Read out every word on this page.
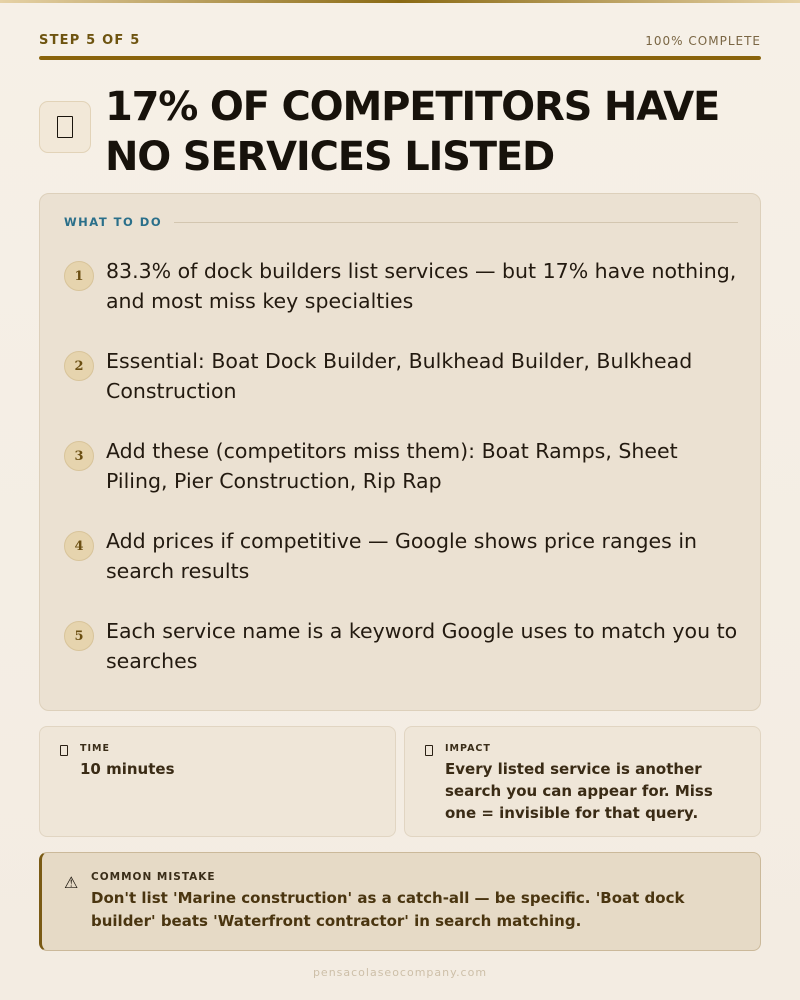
STEP 5 OF 5	100% COMPLETE
17% OF COMPETITORS HAVE NO SERVICES LISTED
WHAT TO DO
1	83.3% of dock builders list services — but 17% have nothing, and most miss key specialties
2	Essential: Boat Dock Builder, Bulkhead Builder, Bulkhead Construction
3	Add these (competitors miss them): Boat Ramps, Sheet Piling, Pier Construction, Rip Rap
4	Add prices if competitive — Google shows price ranges in search results
5	Each service name is a keyword Google uses to match you to searches
TIME

10 minutes

IMPACT

Every listed service is another search you can appear for. Miss one = invisible for that query.

⚠	COMMON MISTAKE

Don't list 'Marine construction' as a catch-all — be specific. 'Boat dock builder' beats 'Waterfront contractor' in search matching.

pensacolaseocompany.com
